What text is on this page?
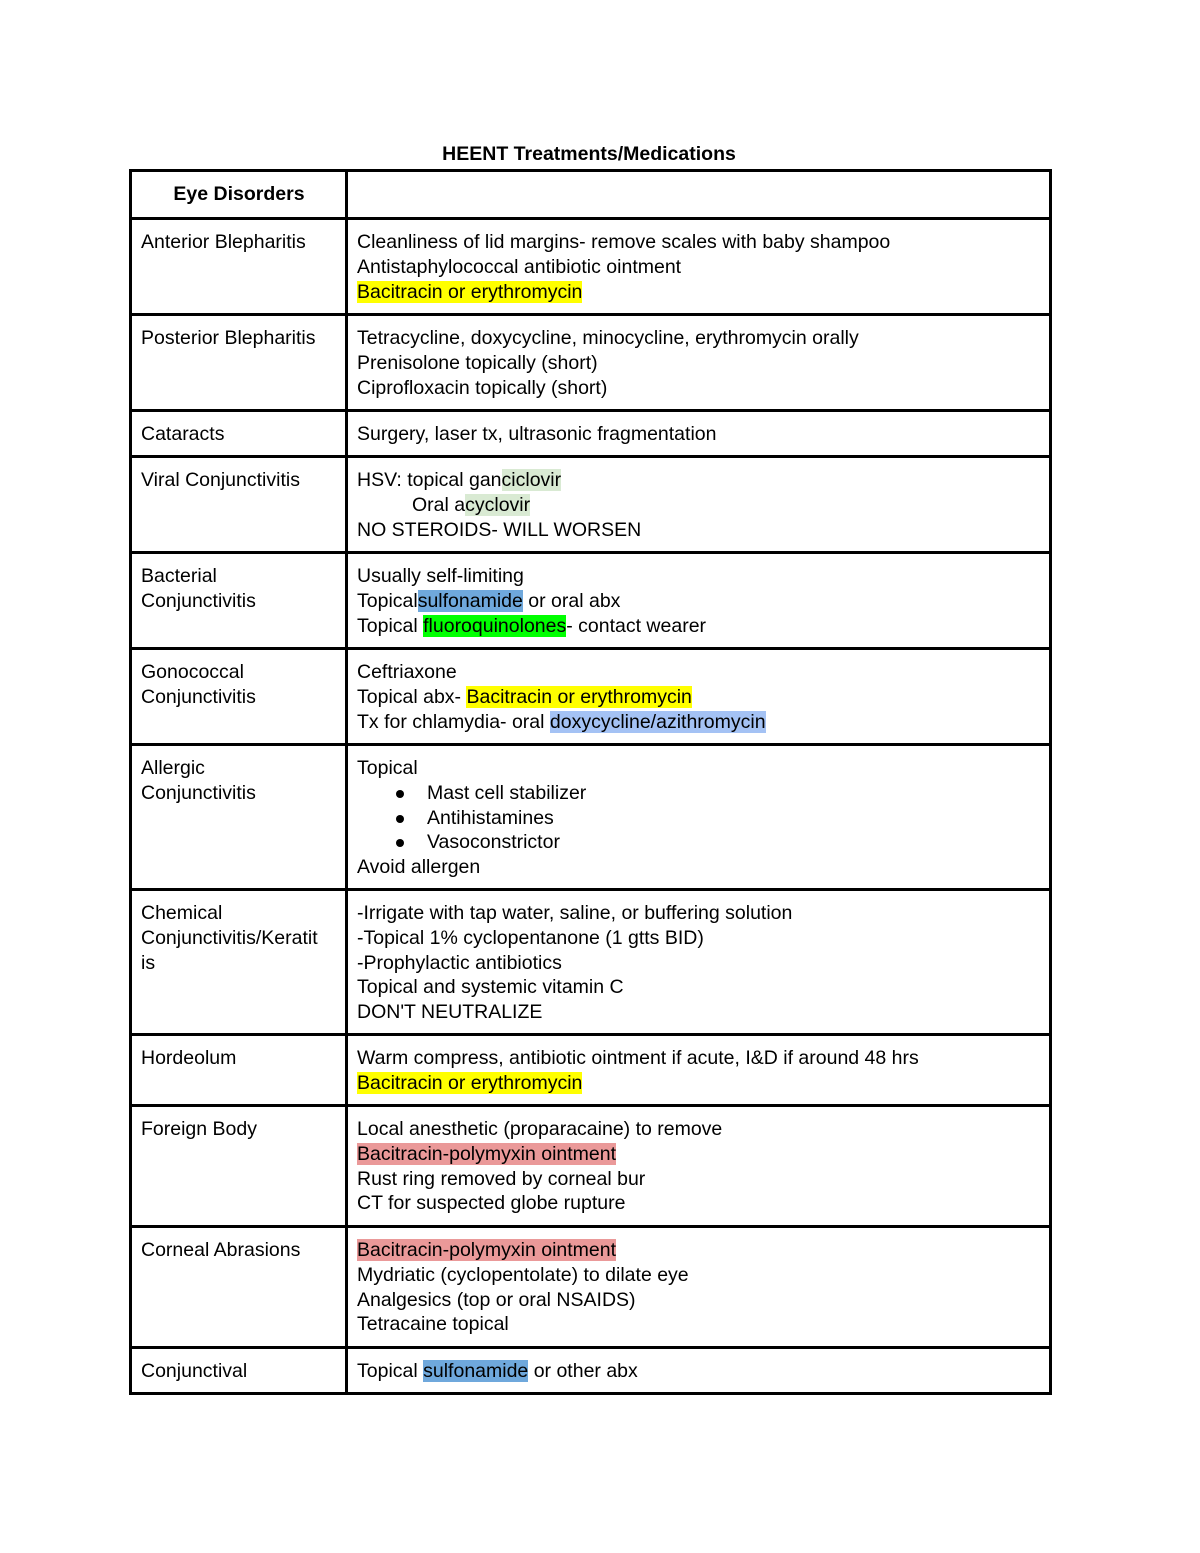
HEENT Treatments/Medications
Eye Disorders	
Anterior Blepharitis	Cleanliness of lid margins- remove scales with baby shampoo
Antistaphylococcal antibiotic ointment
Bacitracin or erythromycin

Posterior Blepharitis	Tetracycline, doxycycline, minocycline, erythromycin orally
Prenisolone topically (short)
Ciprofloxacin topically (short)

Cataracts	Surgery, laser tx, ultrasonic fragmentation

Viral Conjunctivitis	HSV: topical ganciclovir
Oral acyclovir
NO STEROIDS- WILL WORSEN

Bacterial
Conjunctivitis	Usually self-limiting
Topicalsulfonamide or oral abx
Topical fluoroquinolones- contact wearer

Gonococcal
Conjunctivitis	Ceftriaxone
Topical abx- Bacitracin or erythromycin
Tx for chlamydia- oral doxycycline/azithromycin

Allergic
Conjunctivitis	Topical
Mast cell stabilizer
Antihistamines
Vasoconstrictor
Avoid allergen

Chemical
Conjunctivitis/Keratit
is	-Irrigate with tap water, saline, or buffering solution
-Topical 1% cyclopentanone (1 gtts BID)
-Prophylactic antibiotics
Topical and systemic vitamin C
DON'T NEUTRALIZE

Hordeolum	Warm compress, antibiotic ointment if acute, I&D if around 48 hrs
Bacitracin or erythromycin

Foreign Body	Local anesthetic (proparacaine) to remove
Bacitracin-polymyxin ointment
Rust ring removed by corneal bur
CT for suspected globe rupture

Corneal Abrasions	Bacitracin-polymyxin ointment
Mydriatic (cyclopentolate) to dilate eye
Analgesics (top or oral NSAIDS)
Tetracaine topical

Conjunctival	Topical sulfonamide or other abx
